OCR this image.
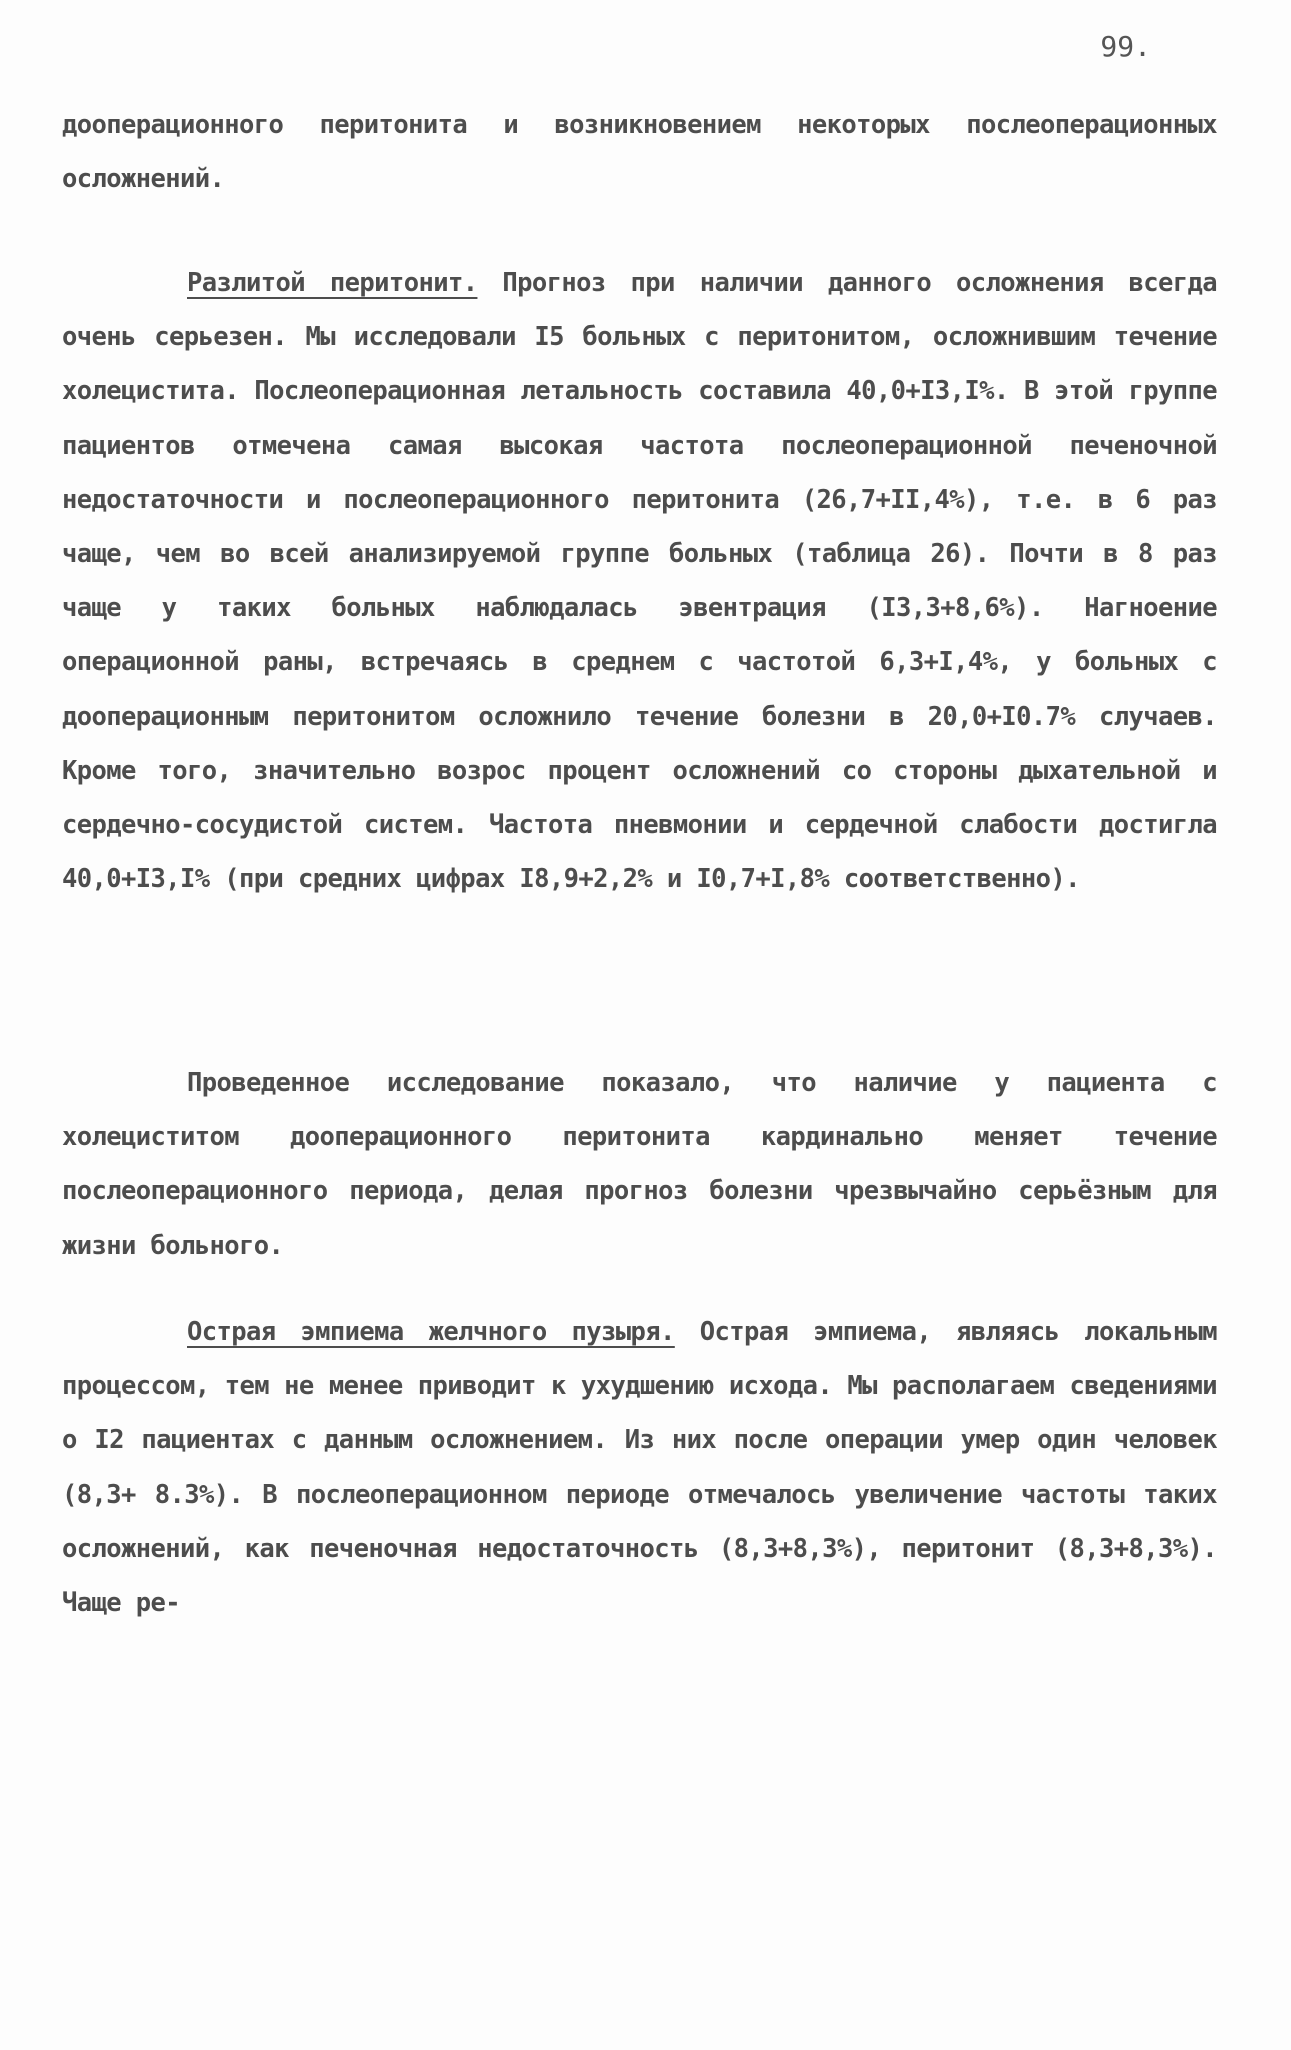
99.

дооперационного перитонита и возникновением некоторых послеоперационных осложнений.

Разлитой перитонит. Прогноз при наличии данного осложнения всегда очень серьезен. Мы исследовали I5 больных с перитонитом, осложнившим течение холецистита. Послеоперационная летальность составила 40,0+I3,I%. В этой группе пациентов отмечена самая высокая частота послеоперационной печеночной недостаточности и послеоперационного перитонита (26,7+II,4%), т.е. в 6 раз чаще, чем во всей анализируемой группе больных (таблица 26). Почти в 8 раз чаще у таких больных наблюдалась эвентрация (I3,3+8,6%). Нагноение операционной раны, встречаясь в среднем с частотой 6,3+I,4%, у больных с дооперационным перитонитом осложнило течение болезни в 20,0+I0.7% случаев. Кроме того, значительно возрос процент осложнений со стороны дыхательной и сердечно-сосудистой систем. Частота пневмонии и сердечной слабости достигла 40,0+I3,I% (при средних цифрах I8,9+2,2% и I0,7+I,8% соответственно).

Проведенное исследование показало, что наличие у пациента с холециститом дооперационного перитонита кардинально меняет течение послеоперационного периода, делая прогноз болезни чрезвычайно серьёзным для жизни больного.

Острая эмпиема желчного пузыря. Острая эмпиема, являясь локальным процессом, тем не менее приводит к ухудшению исхода. Мы располагаем сведениями о I2 пациентах с данным осложнением. Из них после операции умер один человек (8,3+ 8.3%). В послеоперационном периоде отмечалось увеличение частоты таких осложнений, как печеночная недостаточность (8,3+8,3%), перитонит (8,3+8,3%). Чаще ре-
